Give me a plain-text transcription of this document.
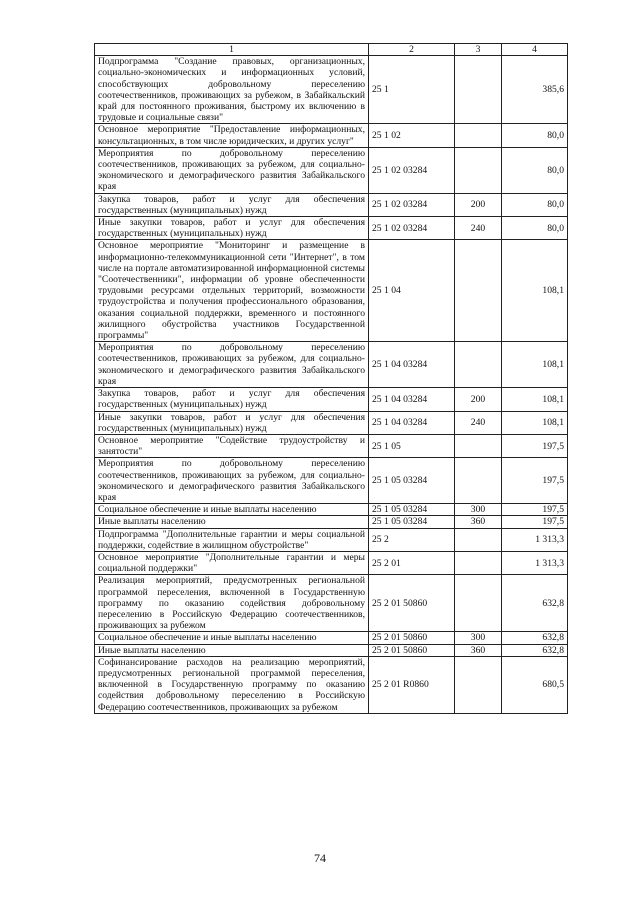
1	2	3	4
Подпрограмма "Создание правовых, организационных, социально-экономических и информационных условий, способствующих добровольному переселению соотечественников, проживающих за рубежом, в Забайкальский край для постоянного проживания, быстрому их включению в трудовые и социальные связи"	25 1		385,6
Основное мероприятие "Предоставление информационных, консультационных, в том числе юридических, и других услуг"	25 1 02		80,0
Мероприятия по добровольному переселению соотечественников, проживающих за рубежом, для социально-экономического и демографического развития Забайкальского края	25 1 02 03284		80,0
Закупка товаров, работ и услуг для обеспечения государственных (муниципальных) нужд	25 1 02 03284	200	80,0
Иные закупки товаров, работ и услуг для обеспечения государственных (муниципальных) нужд	25 1 02 03284	240	80,0
Основное мероприятие "Мониторинг и размещение в информационно-телекоммуникационной сети "Интернет", в том числе на портале автоматизированной информационной системы "Соотечественники", информации об уровне обеспеченности трудовыми ресурсами отдельных территорий, возможности трудоустройства и получения профессионального образования, оказания социальной поддержки, временного и постоянного жилищного обустройства участников Государственной программы"	25 1 04		108,1
Мероприятия по добровольному переселению соотечественников, проживающих за рубежом, для социально-экономического и демографического развития Забайкальского края	25 1 04 03284		108,1
Закупка товаров, работ и услуг для обеспечения государственных (муниципальных) нужд	25 1 04 03284	200	108,1
Иные закупки товаров, работ и услуг для обеспечения государственных (муниципальных) нужд	25 1 04 03284	240	108,1
Основное мероприятие "Содействие трудоустройству и занятости"	25 1 05		197,5
Мероприятия по добровольному переселению соотечественников, проживающих за рубежом, для социально-экономического и демографического развития Забайкальского края	25 1 05 03284		197,5
Социальное обеспечение и иные выплаты населению	25 1 05 03284	300	197,5
Иные выплаты населению	25 1 05 03284	360	197,5
Подпрограмма "Дополнительные гарантии и меры социальной поддержки, содействие в жилищном обустройстве"	25 2		1 313,3
Основное мероприятие "Дополнительные гарантии и меры социальной поддержки"	25 2 01		1 313,3
Реализация мероприятий, предусмотренных региональной программой переселения, включенной в Государственную программу по оказанию содействия добровольному переселению в Российскую Федерацию соотечественников, проживающих за рубежом	25 2 01 50860		632,8
Социальное обеспечение и иные выплаты населению	25 2 01 50860	300	632,8
Иные выплаты населению	25 2 01 50860	360	632,8
Софинансирование расходов на реализацию мероприятий, предусмотренных региональной программой переселения, включенной в Государственную программу по оказанию содействия добровольному переселению в Российскую Федерацию соотечественников, проживающих за рубежом	25 2 01 R0860		680,5
74
